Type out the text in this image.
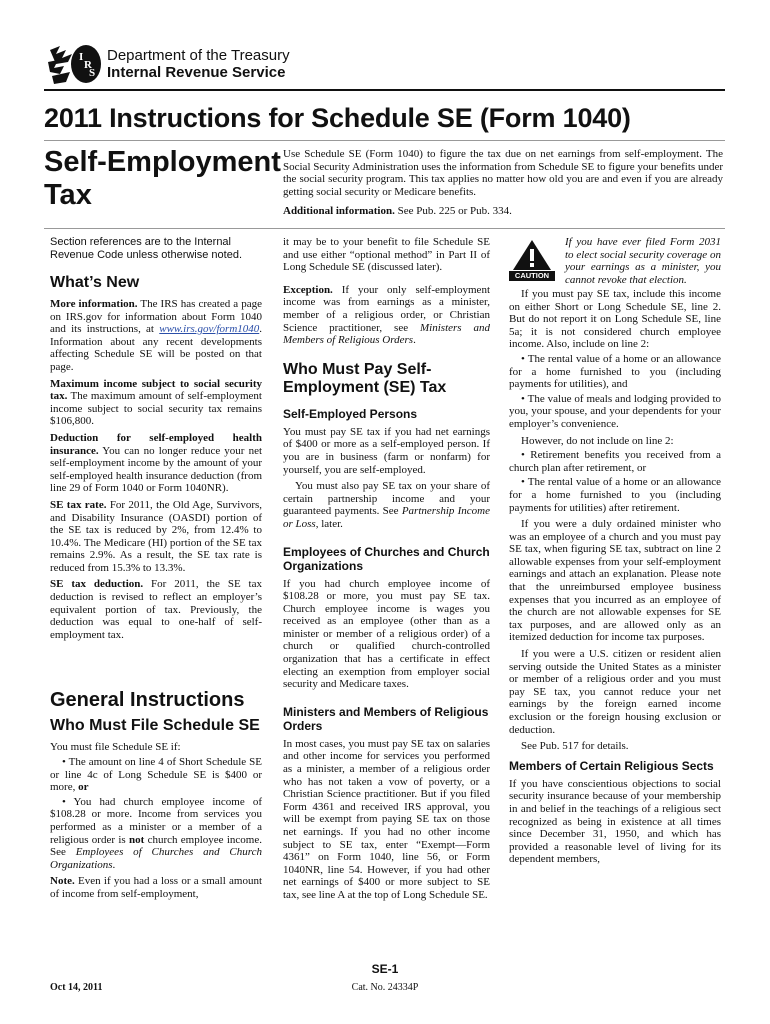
I
R
S
Department of the Treasury
Internal Revenue Service
2011 Instructions for Schedule SE (Form 1040)
Self-Employment
Tax

Use Schedule SE (Form 1040) to figure the tax due on net earnings from self-employment. The Social Security Administration uses the information from Schedule SE to figure your benefits under the social security program. This tax applies no matter how old you are and even if you are already getting social security or Medicare benefits.

Additional information. See Pub. 225 or Pub. 334.

Section references are to the Internal Revenue Code unless otherwise noted.

What’s New

More information. The IRS has created a page on IRS.gov for information about Form 1040 and its instructions, at www.irs.gov/form1040. Information about any recent developments affecting Schedule SE will be posted on that page.

Maximum income subject to social security tax. The maximum amount of self-employment income subject to social security tax remains $106,800.

Deduction for self-employed health insurance. You can no longer reduce your net self-employment income by the amount of your self-employed health insurance deduction (from line 29 of Form 1040 or Form 1040NR).

SE tax rate. For 2011, the Old Age, Survivors, and Disability Insurance (OASDI) portion of the SE tax is reduced by 2%, from 12.4% to 10.4%. The Medicare (HI) portion of the SE tax remains 2.9%. As a result, the SE tax rate is reduced from 15.3% to 13.3%.

SE tax deduction. For 2011, the SE tax deduction is revised to reflect an employer’s equivalent portion of tax. Previously, the deduction was equal to one-half of self-employment tax.

General Instructions
Who Must File Schedule SE

You must file Schedule SE if:

• The amount on line 4 of Short Schedule SE or line 4c of Long Schedule SE is $400 or more, or

• You had church employee income of $108.28 or more. Income from services you performed as a minister or a member of a religious order is not church employee income. See Employees of Churches and Church Organizations.

Note. Even if you had a loss or a small amount of income from self-employment,

it may be to your benefit to file Schedule SE and use either “optional method” in Part II of Long Schedule SE (discussed later).

Exception. If your only self-employment income was from earnings as a minister, member of a religious order, or Christian Science practitioner, see Ministers and Members of Religious Orders.

Who Must Pay Self-Employment (SE) Tax
Self-Employed Persons

You must pay SE tax if you had net earnings of $400 or more as a self-employed person. If you are in business (farm or nonfarm) for yourself, you are self-employed.

You must also pay SE tax on your share of certain partnership income and your guaranteed payments. See Partnership Income or Loss, later.

Employees of Churches and Church Organizations

If you had church employee income of $108.28 or more, you must pay SE tax. Church employee income is wages you received as an employee (other than as a minister or member of a religious order) of a church or qualified church-controlled organization that has a certificate in effect electing an exemption from employer social security and Medicare taxes.

Ministers and Members of Religious Orders

In most cases, you must pay SE tax on salaries and other income for services you performed as a minister, a member of a religious order who has not taken a vow of poverty, or a Christian Science practitioner. But if you filed Form 4361 and received IRS approval, you will be exempt from paying SE tax on those net earnings. If you had no other income subject to SE tax, enter “Exempt—Form 4361” on Form 1040, line 56, or Form 1040NR, line 54. However, if you had other net earnings of $400 or more subject to SE tax, see line A at the top of Long Schedule SE.

CAUTION

If you have ever filed Form 2031 to elect social security coverage on your earnings as a minister, you cannot revoke that election.

If you must pay SE tax, include this income on either Short or Long Schedule SE, line 2. But do not report it on Long Schedule SE, line 5a; it is not considered church employee income. Also, include on line 2:

• The rental value of a home or an allowance for a home furnished to you (including payments for utilities), and

• The value of meals and lodging provided to you, your spouse, and your dependents for your employer’s convenience.

However, do not include on line 2:

• Retirement benefits you received from a church plan after retirement, or

• The rental value of a home or an allowance for a home furnished to you (including payments for utilities) after retirement.

If you were a duly ordained minister who was an employee of a church and you must pay SE tax, when figuring SE tax, subtract on line 2 allowable expenses from your self-employment earnings and attach an explanation. Please note that the unreimbursed employee business expenses that you incurred as an employee of the church are not allowable expenses for SE tax purposes, and are allowed only as an itemized deduction for income tax purposes.

If you were a U.S. citizen or resident alien serving outside the United States as a minister or member of a religious order and you must pay SE tax, you cannot reduce your net earnings by the foreign earned income exclusion or the foreign housing exclusion or deduction.

See Pub. 517 for details.

Members of Certain Religious Sects

If you have conscientious objections to social security insurance because of your membership in and belief in the teachings of a religious sect recognized as being in existence at all times since December 31, 1950, and which has provided a reasonable level of living for its dependent members,

SE-1
Oct 14, 2011	Cat. No. 24334P
